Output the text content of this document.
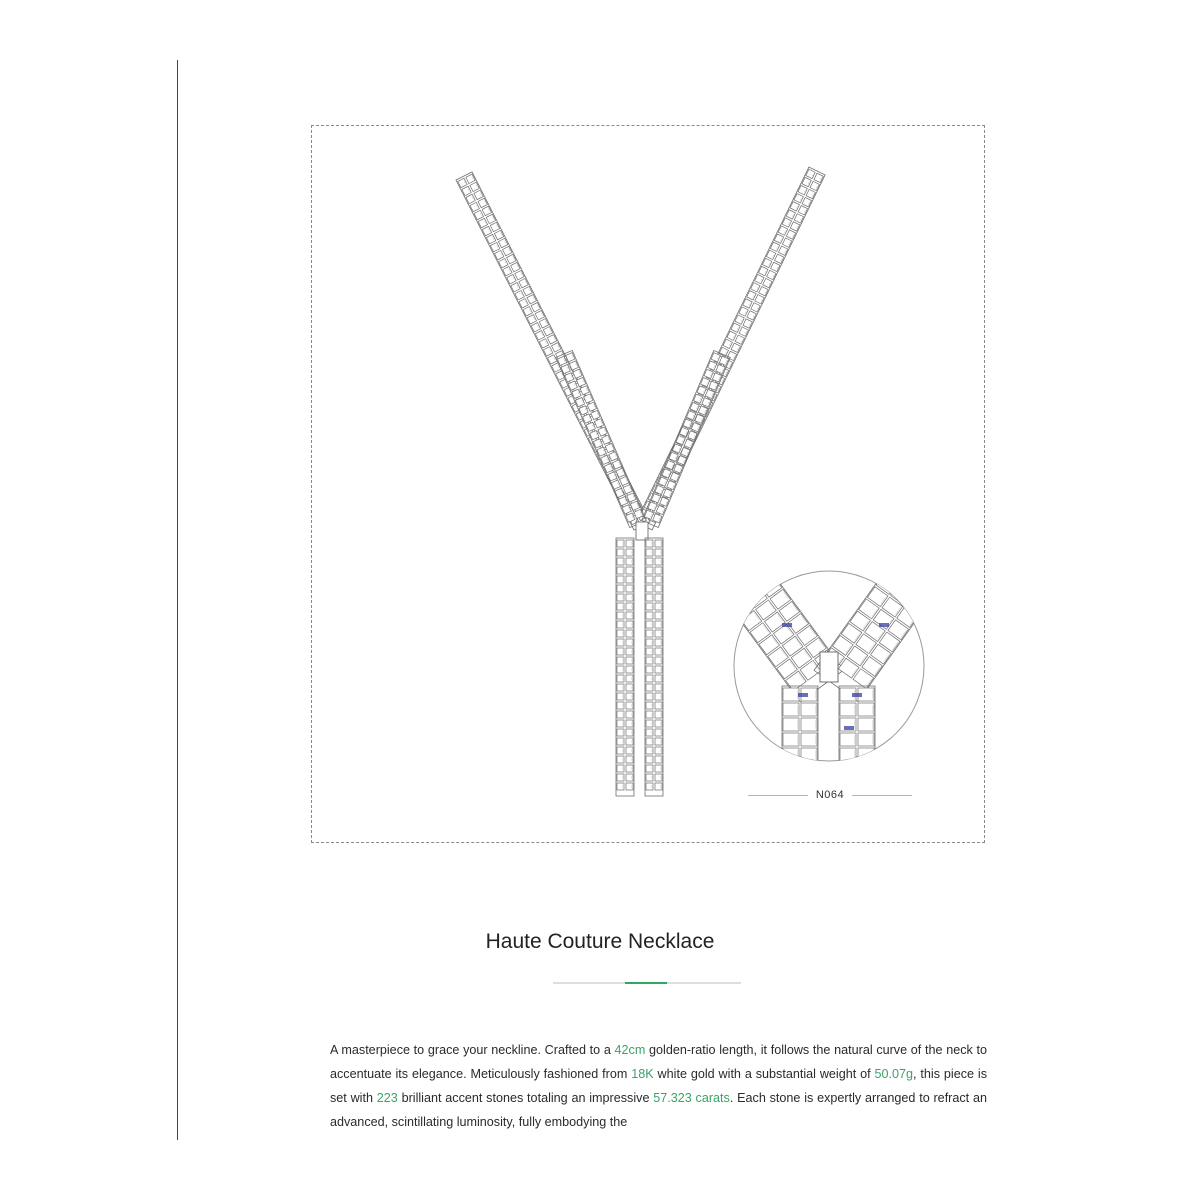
N064
Haute Couture Necklace

A masterpiece to grace your neckline. Crafted to a 42cm golden-ratio length, it follows the natural curve of the neck to accentuate its elegance. Meticulously fashioned from 18K white gold with a substantial weight of 50.07g, this piece is set with 223 brilliant accent stones totaling an impressive 57.323 carats. Each stone is expertly arranged to refract an advanced, scintillating luminosity, fully embodying the
